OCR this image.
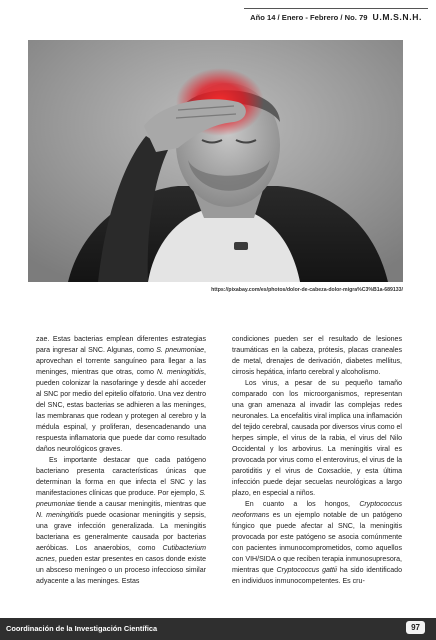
Año 14 / Enero - Febrero / No. 79 U.M.S.N.H.
https://pixabay.com/es/photos/dolor-de-cabeza-dolor-migra%C3%B1a-689133/

zae. Estas bacterias emplean diferentes estrategias para ingresar al SNC. Algunas, como S. pneumoniae, aprovechan el torrente sanguíneo para llegar a las meninges, mientras que otras, como N. meningitidis, pueden colonizar la nasofaringe y desde ahí acceder al SNC por medio del epitelio olfatorio. Una vez dentro del SNC, estas bacterias se adhieren a las meninges, las membranas que rodean y protegen al cerebro y la médula espinal, y proliferan, desencadenando una respuesta inflamatoria que puede dar como resultado daños neurológicos graves.

Es importante destacar que cada patógeno bacteriano presenta características únicas que determinan la forma en que infecta el SNC y las manifestaciones clínicas que produce. Por ejemplo, S. pneumoniae tiende a causar meningitis, mientras que N. meningitidis puede ocasionar meningitis y sepsis, una grave infección generalizada. La meningitis bacteriana es generalmente causada por bacterias aeróbicas. Los anaerobios, como Cutibacterium acnes, pueden estar presentes en casos donde existe un absceso meníngeo o un proceso infeccioso similar adyacente a las meninges. Estas

condiciones pueden ser el resultado de lesiones traumáticas en la cabeza, prótesis, placas craneales de metal, drenajes de derivación, diabetes mellitus, cirrosis hepática, infarto cerebral y alcoholismo.

Los virus, a pesar de su pequeño tamaño comparado con los microorganismos, representan una gran amenaza al invadir las complejas redes neuronales. La encefalitis viral implica una inflamación del tejido cerebral, causada por diversos virus como el herpes simple, el virus de la rabia, el virus del Nilo Occidental y los arbovirus. La meningitis viral es provocada por virus como el enterovirus, el virus de la parotiditis y el virus de Coxsackie, y esta última infección puede dejar secuelas neurológicas a largo plazo, en especial a niños.

En cuanto a los hongos, Cryptococcus neoformans es un ejemplo notable de un patógeno fúngico que puede afectar al SNC, la meningitis provocada por este patógeno se asocia comúnmente con pacientes inmunocomprometidos, como aquellos con VIH/SIDA o que reciben terapia inmunosupresora, mientras que Cryptococcus gattii ha sido identificado en individuos inmunocompetentes. Es cru-

Coordinación de la Investigación Científica	97
